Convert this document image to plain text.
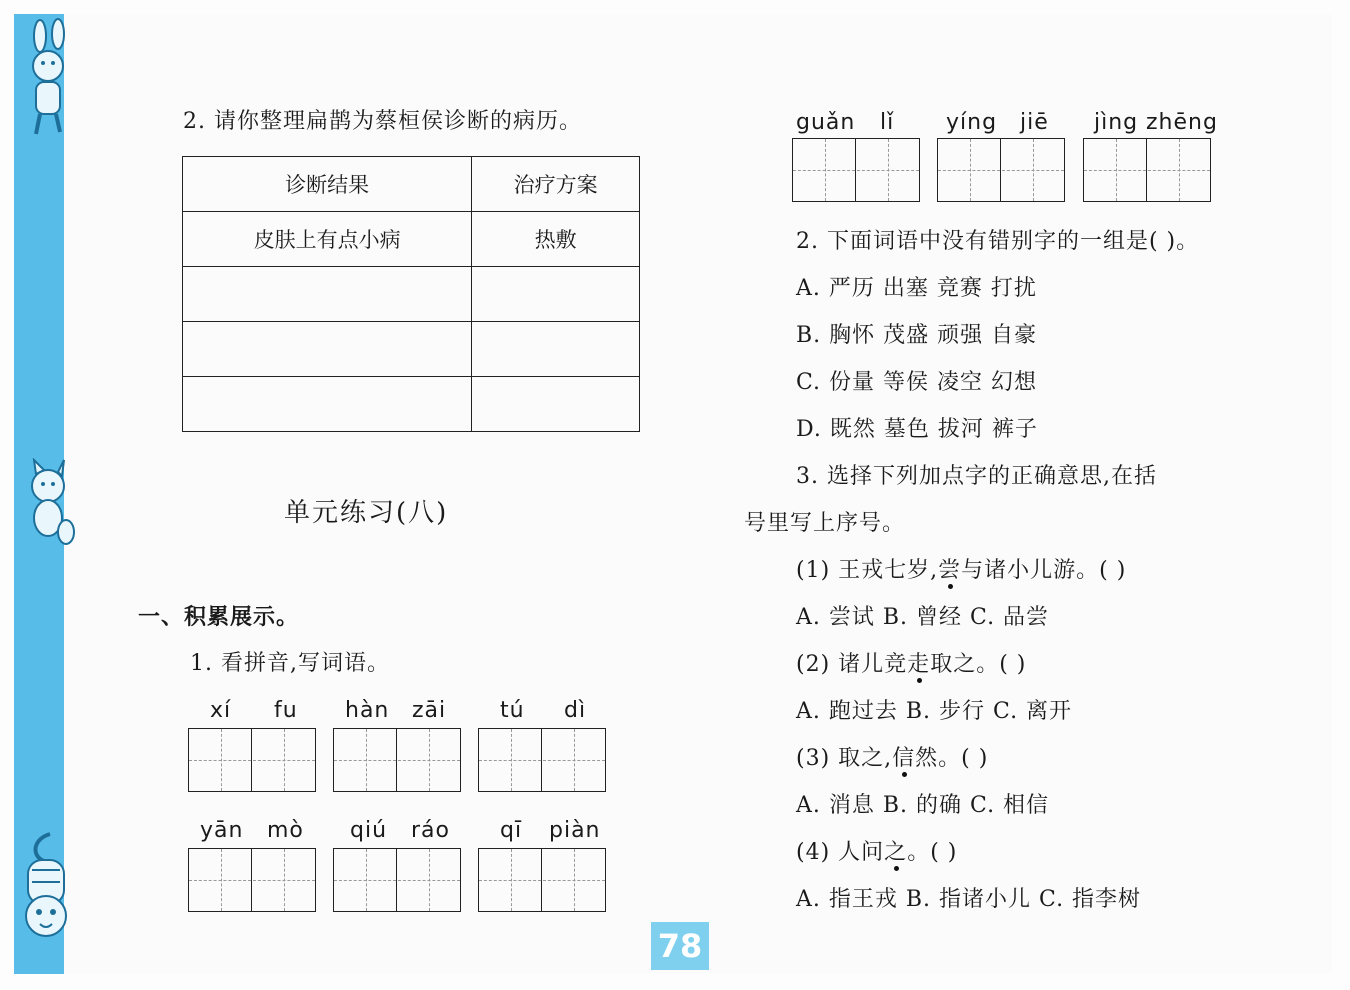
2. 请你整理扁鹊为蔡桓侯诊断的病历。
诊断结果	治疗方案
皮肤上有点小病	热敷

单元练习(八)
一、积累展示。
1. 看拼音,写词语。
xí fu hàn zāi tú dì
yān mò qiú ráo qī piàn
guǎn lǐ yíng jiē jìng zhēng
2. 下面词语中没有错别字的一组是( )。
A. 严历 出塞 竞赛 打扰
B. 胸怀 茂盛 顽强 自豪
C. 份量 等侯 凌空 幻想
D. 既然 墓色 拔河 裤子
3. 选择下列加点字的正确意思,在括
号里写上序号。
(1) 王戎七岁,尝与诸小儿游。( )
A. 尝试 B. 曾经 C. 品尝
(2) 诸儿竞走取之。( )
A. 跑过去 B. 步行 C. 离开
(3) 取之,信然。( )
A. 消息 B. 的确 C. 相信
(4) 人问之。( )
A. 指王戎 B. 指诸小儿 C. 指李树
78
